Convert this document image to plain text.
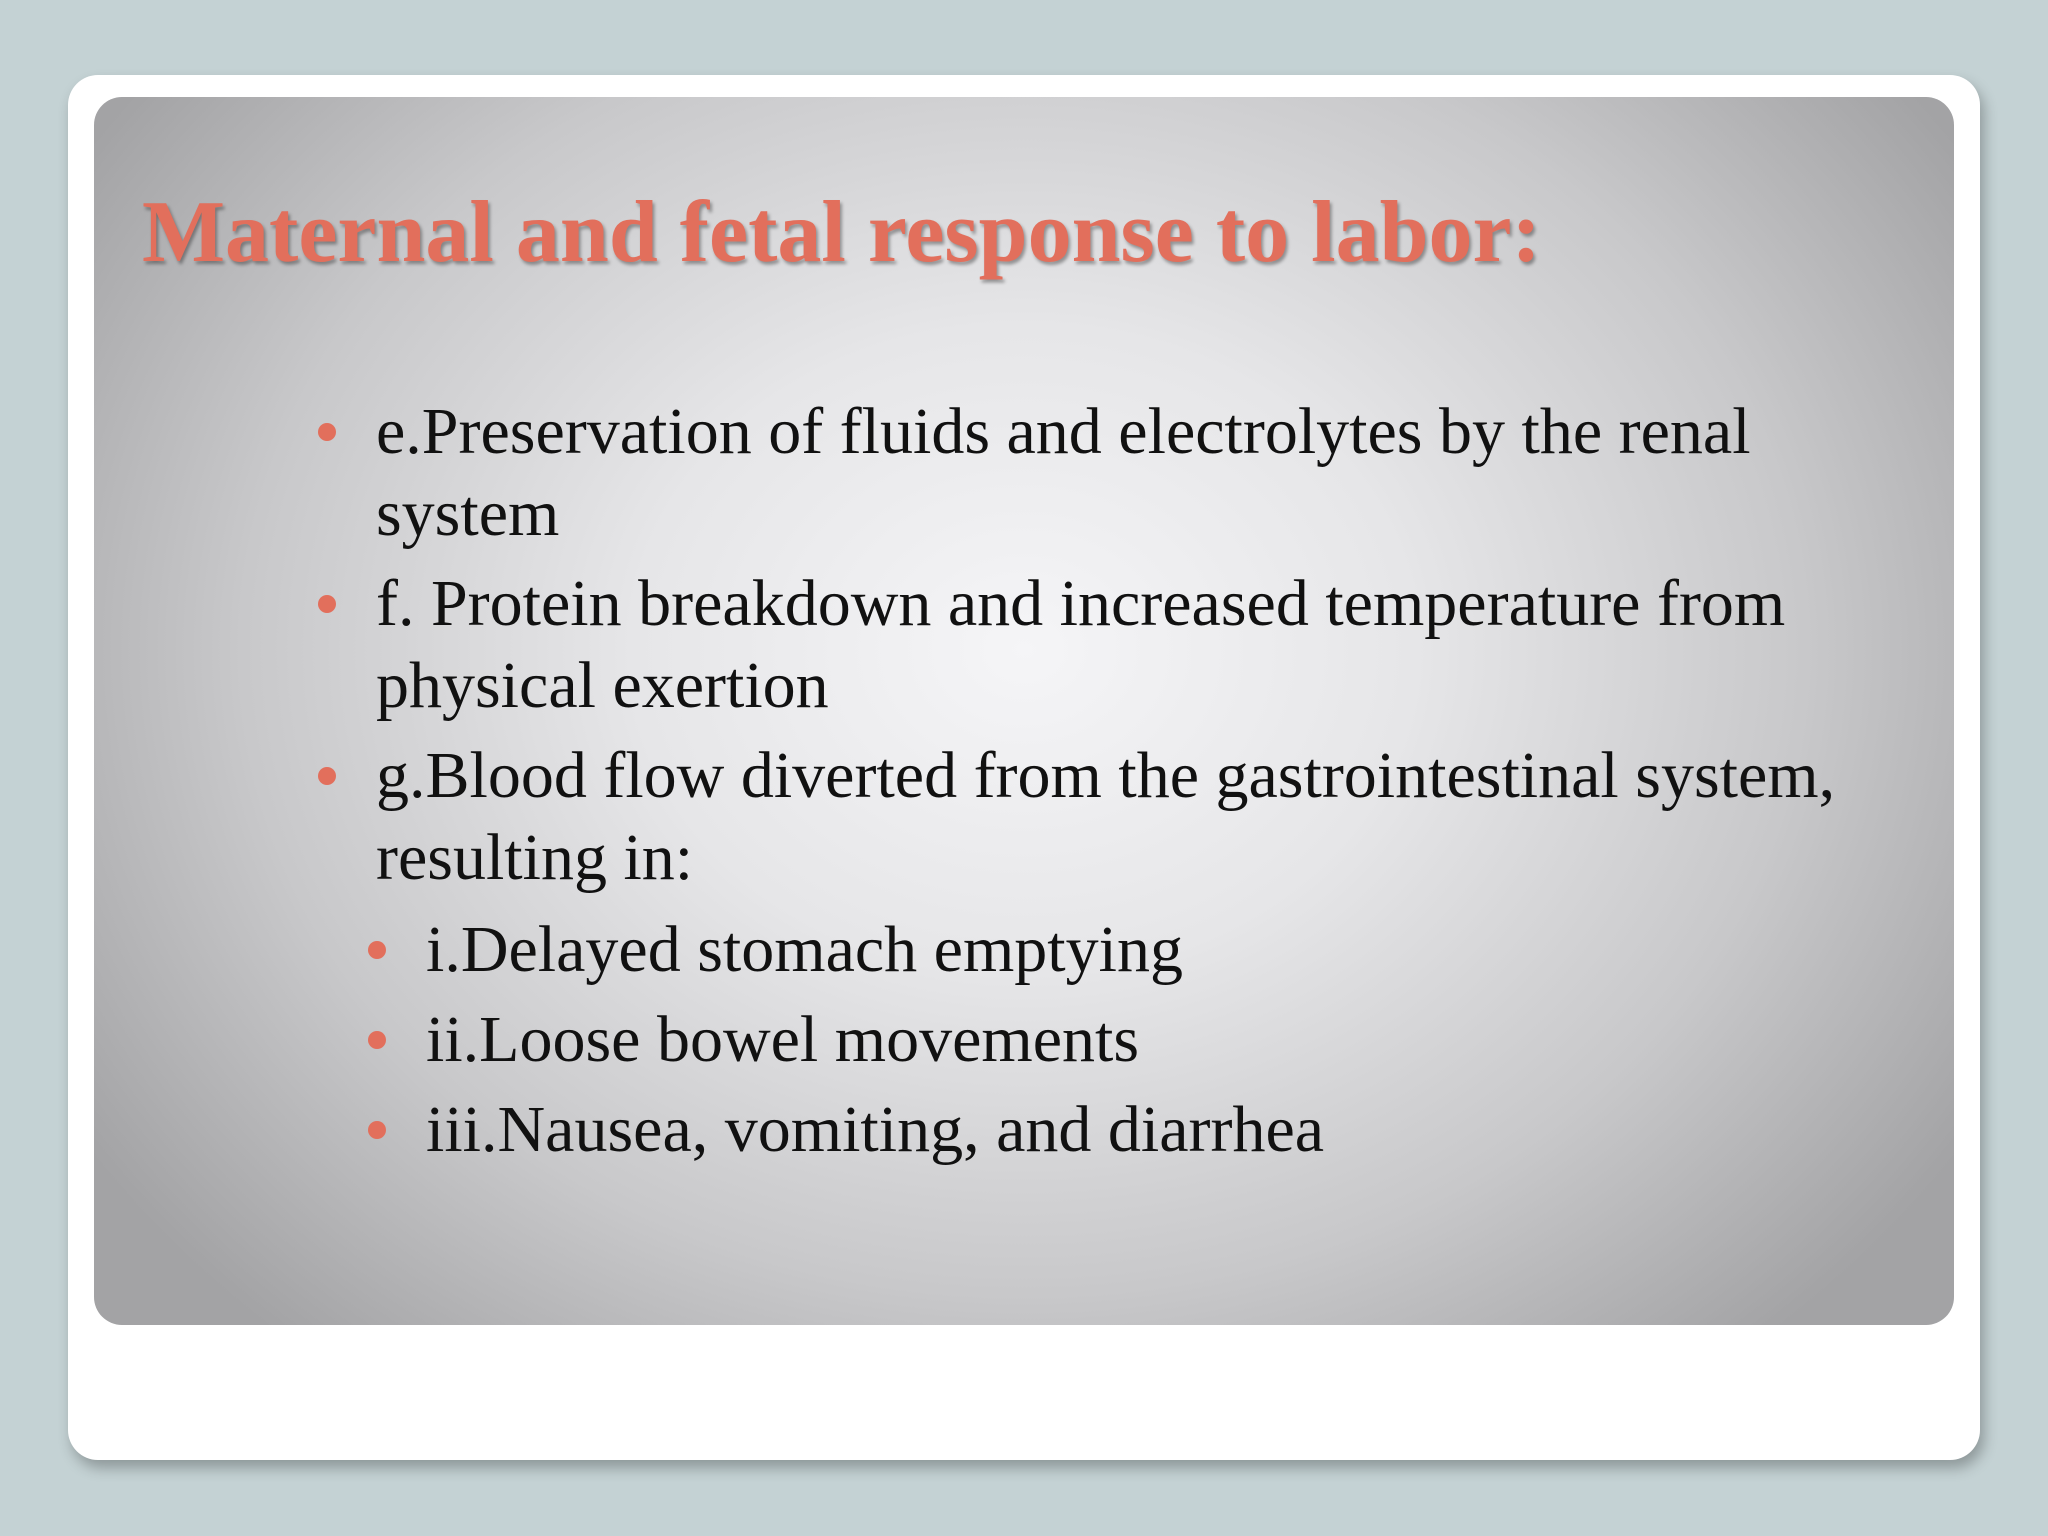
Maternal and fetal response to labor:
e.Preservation of fluids and electrolytes by the renal system
f. Protein breakdown and increased temperature from physical exertion
g.Blood flow diverted from the gastrointestinal system, resulting in:
i.Delayed stomach emptying
ii.Loose bowel movements
iii.Nausea, vomiting, and diarrhea
